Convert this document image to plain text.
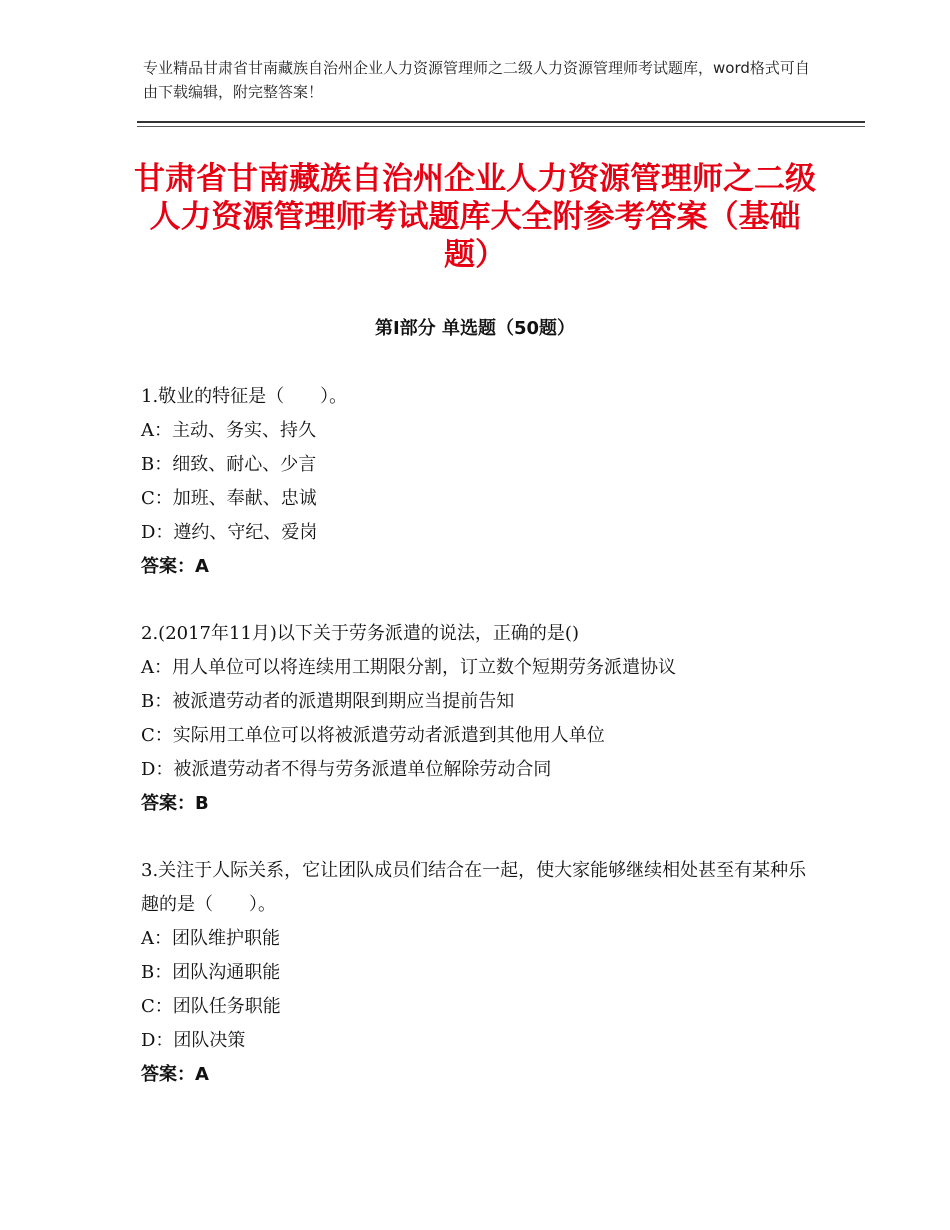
专业精品甘肃省甘南藏族自治州企业人力资源管理师之二级人力资源管理师考试题库，word格式可自由下载编辑，附完整答案！
甘肃省甘南藏族自治州企业人力资源管理师之二级人力资源管理师考试题库大全附参考答案（基础题）
第Ⅰ部分 单选题（50题）
1.敬业的特征是（　　）。
A：主动、务实、持久
B：细致、耐心、少言
C：加班、奉献、忠诚
D：遵约、守纪、爱岗
答案：A
2.(2017年11月)以下关于劳务派遣的说法，正确的是()
A：用人单位可以将连续用工期限分割，订立数个短期劳务派遣协议
B：被派遣劳动者的派遣期限到期应当提前告知
C：实际用工单位可以将被派遣劳动者派遣到其他用人单位
D：被派遣劳动者不得与劳务派遣单位解除劳动合同
答案：B
3.关注于人际关系，它让团队成员们结合在一起，使大家能够继续相处甚至有某种乐趣的是（　　）。
A：团队维护职能
B：团队沟通职能
C：团队任务职能
D：团队决策
答案：A
